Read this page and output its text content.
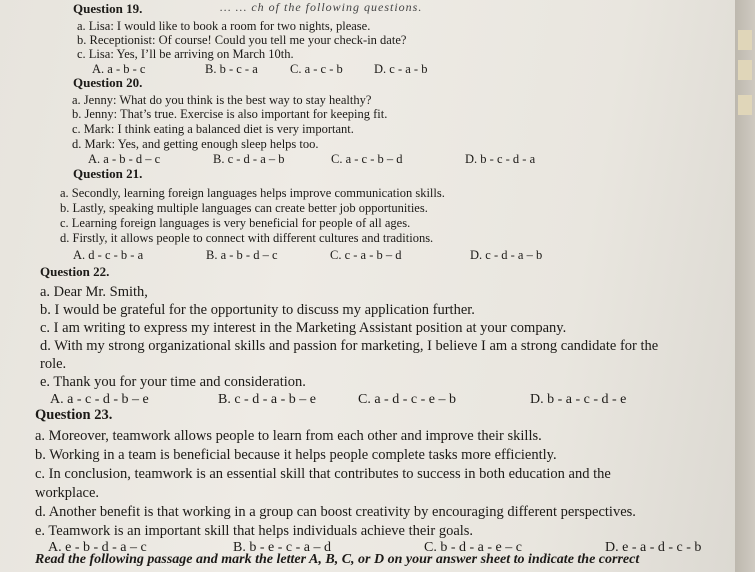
… … ch of the following questions.
Question 19.
a. Lisa: I would like to book a room for two nights, please.
b. Receptionist: Of course! Could you tell me your check-in date?
c. Lisa: Yes, I’ll be arriving on March 10th.
A. a - b - c	B. b - c - a	C. a - c - b D. c - a - b
Question 20.
a. Jenny: What do you think is the best way to stay healthy?
b. Jenny: That’s true. Exercise is also important for keeping fit.
c. Mark: I think eating a balanced diet is very important.
d. Mark: Yes, and getting enough sleep helps too.
A. a - b - d – c	B. c - d - a – b	C. a - c - b – d	D. b - c - d - a
Question 21.
a. Secondly, learning foreign languages helps improve communication skills.
b. Lastly, speaking multiple languages can create better job opportunities.
c. Learning foreign languages is very beneficial for people of all ages.
d. Firstly, it allows people to connect with different cultures and traditions.
A. d - c - b - a	B. a - b - d – c	C. c - a - b – d	D. c - d - a – b
Question 22.
a. Dear Mr. Smith,
b. I would be grateful for the opportunity to discuss my application further.
c. I am writing to express my interest in the Marketing Assistant position at your company.
d. With my strong organizational skills and passion for marketing, I believe I am a strong candidate for the
role.
e. Thank you for your time and consideration.
A. a - c - d - b – e	B. c - d - a - b – e	C. a - d - c - e – b	D. b - a - c - d - e
Question 23.
a. Moreover, teamwork allows people to learn from each other and improve their skills.
b. Working in a team is beneficial because it helps people complete tasks more efficiently.
c. In conclusion, teamwork is an essential skill that contributes to success in both education and the
workplace.
d. Another benefit is that working in a group can boost creativity by encouraging different perspectives.
e. Teamwork is an important skill that helps individuals achieve their goals.
A. e - b - d - a – c	B. b - e - c - a – d	C. b - d - a - e – c	D. e - a - d - c - b
Read the following passage and mark the letter A, B, C, or D on your answer sheet to indicate the correct
